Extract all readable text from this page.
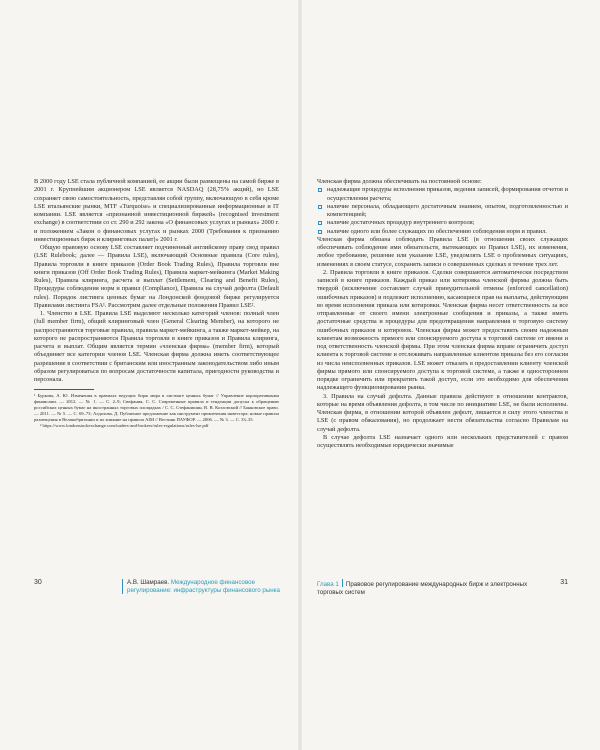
В 2000 году LSE стала публичной компанией, ее акции были размещены на самой бирже в 2001 г. Крупнейшим акционером LSE является NASDAQ (28,75% акций), но LSE сохраняет свою самостоятельность, представляя собой группу, включающую в себя кроме LSE итальянские рынки, MTF «Turquoise» и специализированные информационные и IT компании. LSE является «признанной инвестиционной биржей» (recognised investment exchange) в соответствии со ст. 290 и 292 закона «О финансовых услугах и рынках» 2000 г. и положением «Закон о финансовых услугах и рынках 2000 (Требования к признанию инвестиционных бирж и клиринговых палат)» 2001 г.

Общую правовую основу LSE составляет подчиненный английскому праву свод правил (LSE Rulebook; далее — Правила LSE), включающий Основные правила (Core rules), Правила торговли в книге приказов (Order Book Trading Rules), Правила торговли вне книги приказов (Off Order Book Trading Rules), Правила маркет-мейкинга (Market Making Rules), Правила клиринга, расчета и выплат (Settlement, Clearing and Benefit Rules), Процедуры соблюдения норм и правил (Compliance), Правила на случай дефолта (Default rules). Порядок листинга ценных бумаг на Лондонской фондовой бирже регулируется Правилами листинга FSA¹. Рассмотрим далее отдельные положения Правил LSE².

1. Членство в LSE. Правила LSE выделяют несколько категорий членов: полный член (full member firm), общий клиринговый член (General Clearing Member), на которого не распространяются торговые правила, правила маркет-мейкинга, а также маркет-мейкер, на которого не распространяются Правила торговли в книге приказов и Правила клиринга, расчета и выплат. Общим является термин «членская фирма» (member firm), который объединяет все категории членов LSE. Членская фирма должна иметь соответствующее разрешение в соответствии с британским или иностранным законодательством либо иным образом регулироваться по вопросам достаточности капитала, пригодности руководства и персонала.

¹ Буркова, А. Ю. Изменения в правилах ведущих бирж мира в листинге ценных бумаг // Управление корпоративными финансами. — 2012. — № 1. — С. 2–9; Свефания, С. С. Современные правила и тенденции допуска к обращению российских ценных бумаг на иностранных торговых площадках / С. С. Стефанишин, В. В. Козловский // Банковское право. — 2011. — № 5. — С. 69–73; Алдохова, Д. Публичное предложение как инструмент привлечения инвестора: новые правила размещения в Великобритании и их влияние на правила AIM // Вестник ПАУФОР. — 2006. — № 3. — С. 33–35.

² https://www.londonstockexchange.com/traders-and-brokers/rules-regulations/rules-lse.pdf

30	А.В. Шамраев. Международное финансовое регулирование: инфраструктуры финансового рынка

Членская фирма должна обеспечивать на постоянной основе:

надлежащие процедуры исполнения приказов, ведения записей, формирования отчетов и осуществления расчета;
наличие персонала, обладающего достаточным знанием, опытом, подготовленностью и компетенцией;
наличие достаточных процедур внутреннего контроля;
наличие одного или более служащих по обеспечению соблюдения норм и правил.

Членская фирма обязана соблюдать Правила LSE (в отношении своих служащих обеспечивать соблюдение ими обязательств, вытекающих из Правил LSE), их изменения, любое требование, решение или указание LSE, уведомлять LSE о проблемных ситуациях, изменениях в своем статусе, сохранять записи о совершенных сделках в течение трех лет.

2. Правила торговли в книге приказов. Сделки совершаются автоматически посредством записей в книге приказов. Каждый приказ или котировка членской фирмы должна быть твердой (исключение составляет случай принудительной отмены (enforced cancellation) ошибочных приказов) и подлежит исполнению, касающиеся прав на выплаты, действующим во время исполнения приказа или котировки. Членская фирма несет ответственность за все отправленные от своего имени электронные сообщения и приказы, а также иметь достаточные средства и процедуры для предотвращения направления в торговую систему ошибочных приказов и котировок. Членская фирма может предоставить своим надежным клиентам возможность прямого или спонсируемого доступа к торговой системе от имени и под ответственность членской фирмы. При этом членская фирма вправе ограничить доступ клиента к торговой системе и отслеживать направленные клиентом приказы без его согласия из числа неисполненных приказов. LSE может отказать в предоставлении клиенту членской фирмы прямого или спонсируемого доступа к торговой системе, а также в одностороннем порядке ограничить или прекратить такой доступ, если это необходимо для обеспечения надлежащего функционирования рынка.

3. Правила на случай дефолта. Данные правила действуют в отношении контрактов, которые на время объявления дефолта, в том числе по инициативе LSE, не были исполнены. Членская фирма, в отношении которой объявлен дефолт, лишается в силу этого членства в LSE (с правом обжалования), но продолжает нести обязательства согласно Правилам на случай дефолта.

В случае дефолта LSE назначает одного или нескольких представителей с правом осуществлять необходимые юридически значимые

Глава 1 Правовое регулирование международных бирж и электронных торговых систем
31
